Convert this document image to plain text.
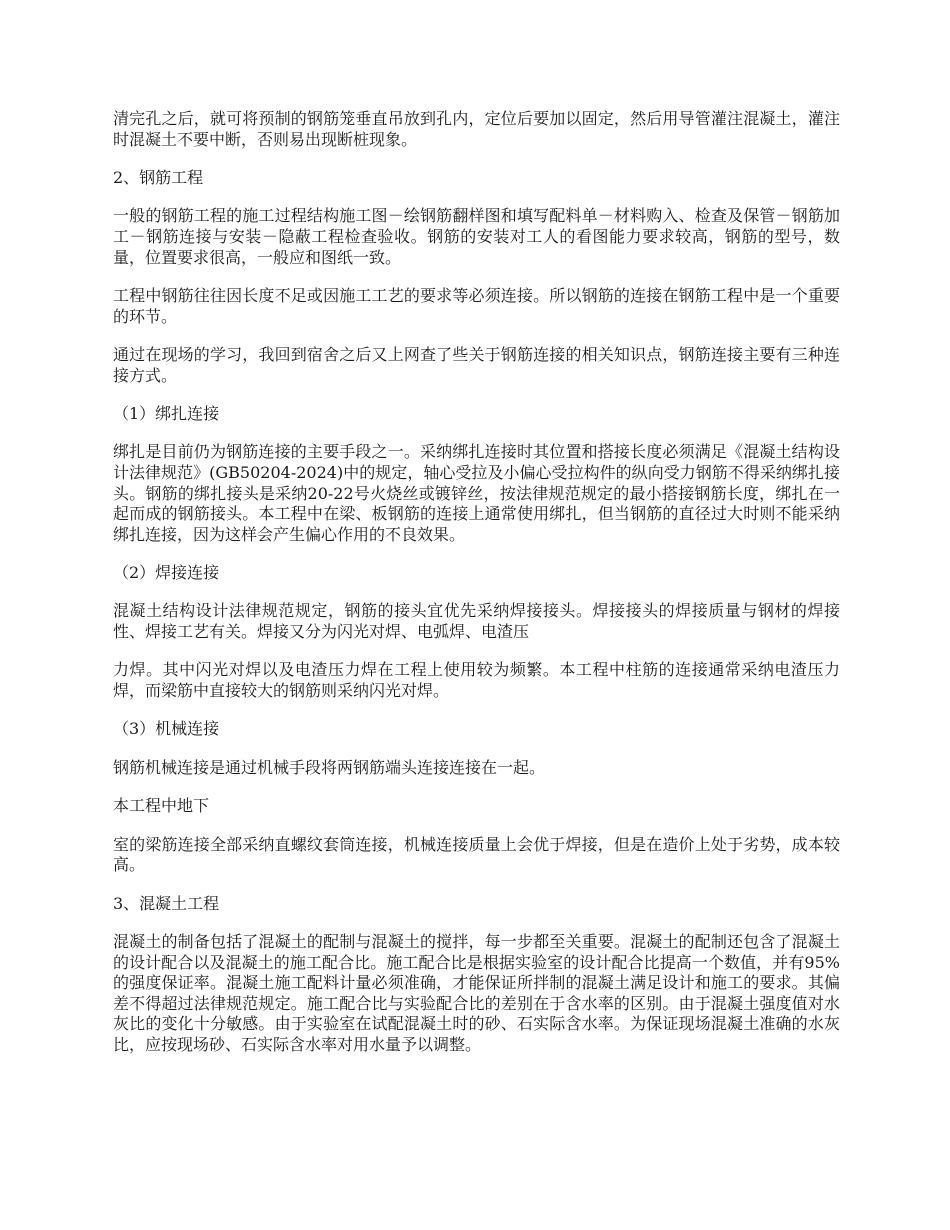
清完孔之后，就可将预制的钢筋笼垂直吊放到孔内，定位后要加以固定，然后用导管灌注混凝土，灌注时混凝土不要中断，否则易出现断桩现象。

2、钢筋工程

一般的钢筋工程的施工过程结构施工图－绘钢筋翻样图和填写配料单－材料购入、检查及保管－钢筋加工－钢筋连接与安装－隐蔽工程检查验收。钢筋的安装对工人的看图能力要求较高，钢筋的型号，数量，位置要求很高，一般应和图纸一致。

工程中钢筋往往因长度不足或因施工工艺的要求等必须连接。所以钢筋的连接在钢筋工程中是一个重要的环节。

通过在现场的学习，我回到宿舍之后又上网查了些关于钢筋连接的相关知识点，钢筋连接主要有三种连接方式。

（1）绑扎连接

绑扎是目前仍为钢筋连接的主要手段之一。采纳绑扎连接时其位置和搭接长度必须满足《混凝土结构设计法律规范》(GB50204-2024)中的规定，轴心受拉及小偏心受拉构件的纵向受力钢筋不得采纳绑扎接头。钢筋的绑扎接头是采纳20-22号火烧丝或镀锌丝，按法律规范规定的最小搭接钢筋长度，绑扎在一起而成的钢筋接头。本工程中在梁、板钢筋的连接上通常使用绑扎，但当钢筋的直径过大时则不能采纳绑扎连接，因为这样会产生偏心作用的不良效果。

（2）焊接连接

混凝土结构设计法律规范规定，钢筋的接头宜优先采纳焊接接头。焊接接头的焊接质量与钢材的焊接性、焊接工艺有关。焊接又分为闪光对焊、电弧焊、电渣压

力焊。其中闪光对焊以及电渣压力焊在工程上使用较为频繁。本工程中柱筋的连接通常采纳电渣压力焊，而梁筋中直接较大的钢筋则采纳闪光对焊。

（3）机械连接

钢筋机械连接是通过机械手段将两钢筋端头连接连接在一起。

本工程中地下

室的梁筋连接全部采纳直螺纹套筒连接，机械连接质量上会优于焊接，但是在造价上处于劣势，成本较高。

3、混凝土工程

混凝土的制备包括了混凝土的配制与混凝土的搅拌，每一步都至关重要。混凝土的配制还包含了混凝土的设计配合以及混凝土的施工配合比。施工配合比是根据实验室的设计配合比提高一个数值，并有95%的强度保证率。混凝土施工配料计量必须准确，才能保证所拌制的混凝土满足设计和施工的要求。其偏差不得超过法律规范规定。施工配合比与实验配合比的差别在于含水率的区别。由于混凝土强度值对水灰比的变化十分敏感。由于实验室在试配混凝土时的砂、石实际含水率。为保证现场混凝土准确的水灰比，应按现场砂、石实际含水率对用水量予以调整。
